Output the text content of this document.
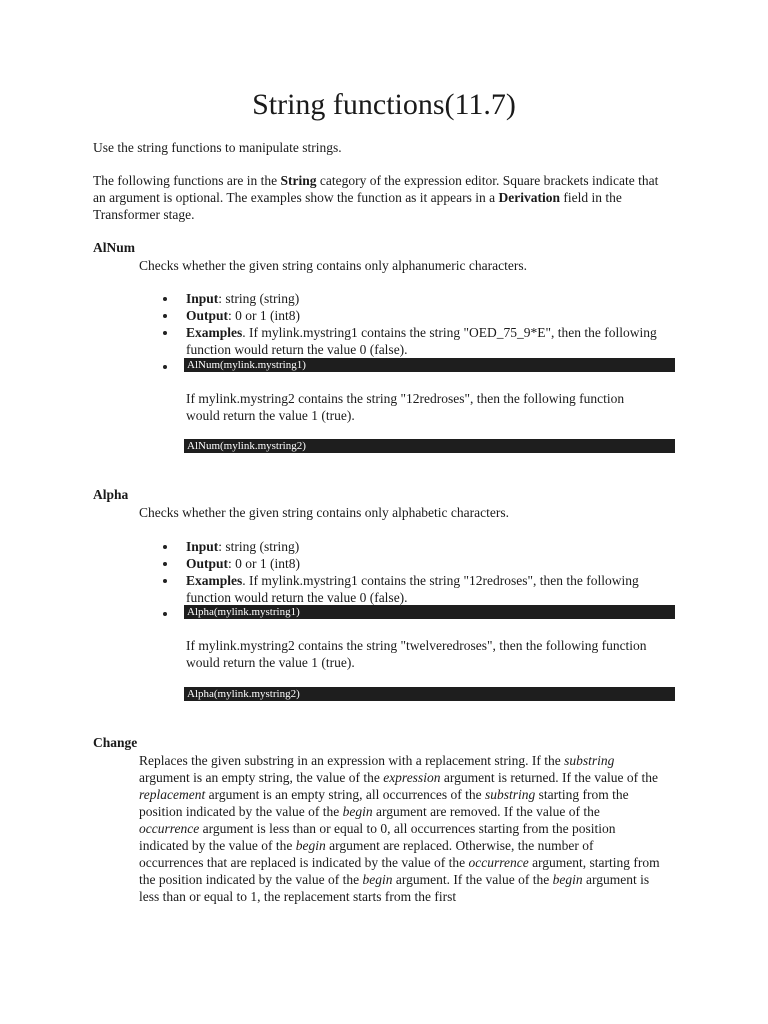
String functions(11.7)
Use the string functions to manipulate strings.
The following functions are in the String category of the expression editor. Square brackets indicate that an argument is optional. The examples show the function as it appears in a Derivation field in the Transformer stage.
AlNum
Checks whether the given string contains only alphanumeric characters.
Input: string (string)
Output: 0 or 1 (int8)
Examples. If mylink.mystring1 contains the string "OED_75_9*E", then the following function would return the value 0 (false).
AlNum(mylink.mystring1)
If mylink.mystring2 contains the string "12redroses", then the following function would return the value 1 (true).
AlNum(mylink.mystring2)
Alpha
Checks whether the given string contains only alphabetic characters.
Input: string (string)
Output: 0 or 1 (int8)
Examples. If mylink.mystring1 contains the string "12redroses", then the following function would return the value 0 (false).
Alpha(mylink.mystring1)
If mylink.mystring2 contains the string "twelveredroses", then the following function would return the value 1 (true).
Alpha(mylink.mystring2)
Change
Replaces the given substring in an expression with a replacement string. If the substring argument is an empty string, the value of the expression argument is returned. If the value of the replacement argument is an empty string, all occurrences of the substring starting from the position indicated by the value of the begin argument are removed. If the value of the occurrence argument is less than or equal to 0, all occurrences starting from the position indicated by the value of the begin argument are replaced. Otherwise, the number of occurrences that are replaced is indicated by the value of the occurrence argument, starting from the position indicated by the value of the begin argument. If the value of the begin argument is less than or equal to 1, the replacement starts from the first
